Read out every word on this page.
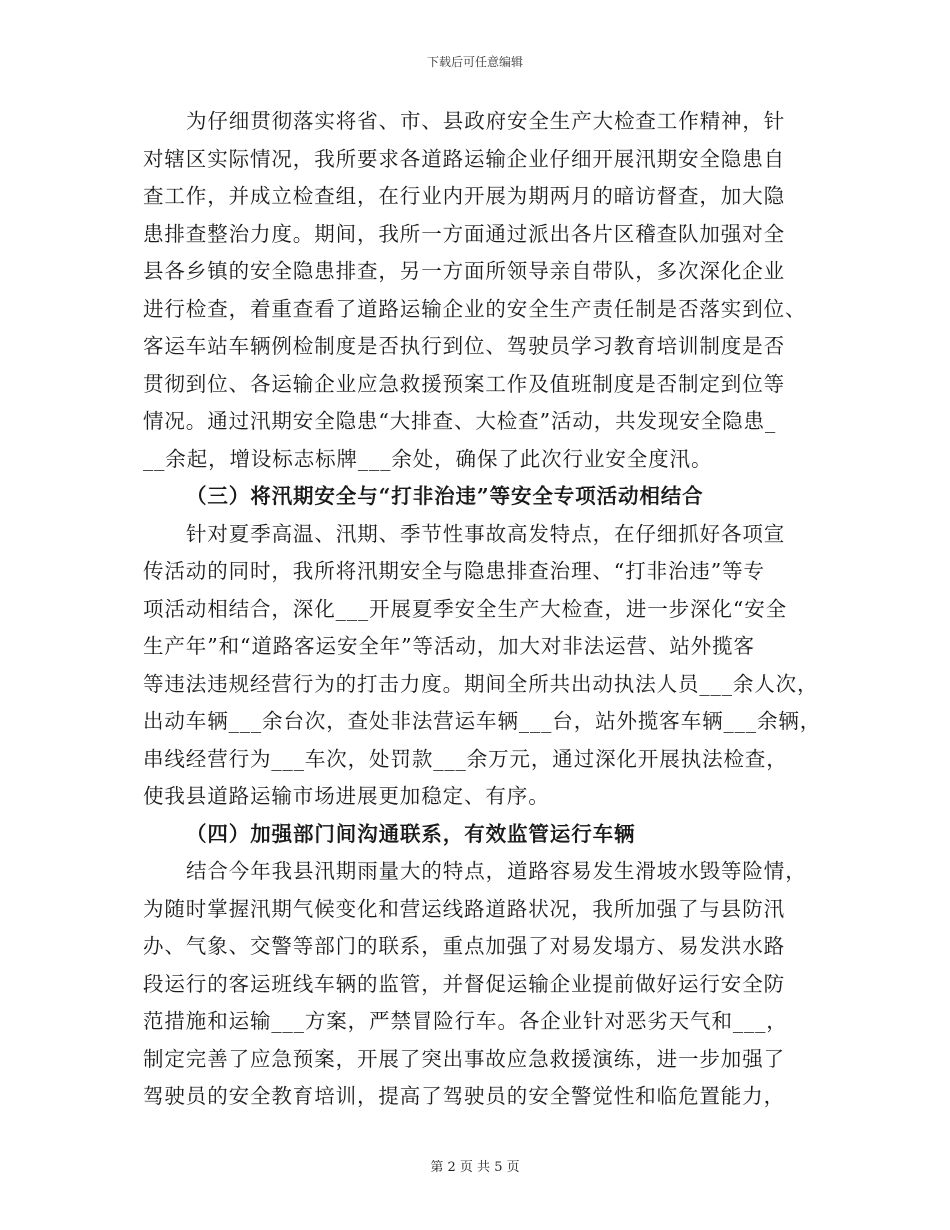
下载后可任意编辑
为仔细贯彻落实将省、市、县政府安全生产大检查工作精神，针
对辖区实际情况，我所要求各道路运输企业仔细开展汛期安全隐患自
查工作，并成立检查组，在行业内开展为期两月的暗访督查，加大隐
患排查整治力度。期间，我所一方面通过派出各片区稽查队加强对全
县各乡镇的安全隐患排查，另一方面所领导亲自带队，多次深化企业
进行检查，着重查看了道路运输企业的安全生产责任制是否落实到位、
客运车站车辆例检制度是否执行到位、驾驶员学习教育培训制度是否
贯彻到位、各运输企业应急救援预案工作及值班制度是否制定到位等
情况。通过汛期安全隐患“大排查、大检查”活动，共发现安全隐患_
__余起，增设标志标牌___余处，确保了此次行业安全度汛。
（三）将汛期安全与“打非治违”等安全专项活动相结合
针对夏季高温、汛期、季节性事故高发特点，在仔细抓好各项宣
传活动的同时，我所将汛期安全与隐患排查治理、“打非治违”等专
项活动相结合，深化___开展夏季安全生产大检查，进一步深化“安全
生产年”和“道路客运安全年”等活动，加大对非法运营、站外揽客
等违法违规经营行为的打击力度。期间全所共出动执法人员___余人次，
出动车辆___余台次，查处非法营运车辆___台，站外揽客车辆___余辆，
串线经营行为___车次，处罚款___余万元，通过深化开展执法检查，
使我县道路运输市场进展更加稳定、有序。
（四）加强部门间沟通联系，有效监管运行车辆
结合今年我县汛期雨量大的特点，道路容易发生滑坡水毁等险情，
为随时掌握汛期气候变化和营运线路道路状况，我所加强了与县防汛
办、气象、交警等部门的联系，重点加强了对易发塌方、易发洪水路
段运行的客运班线车辆的监管，并督促运输企业提前做好运行安全防
范措施和运输___方案，严禁冒险行车。各企业针对恶劣天气和___，
制定完善了应急预案，开展了突出事故应急救援演练，进一步加强了
驾驶员的安全教育培训，提高了驾驶员的安全警觉性和临危置能力，
第 2 页 共 5 页
